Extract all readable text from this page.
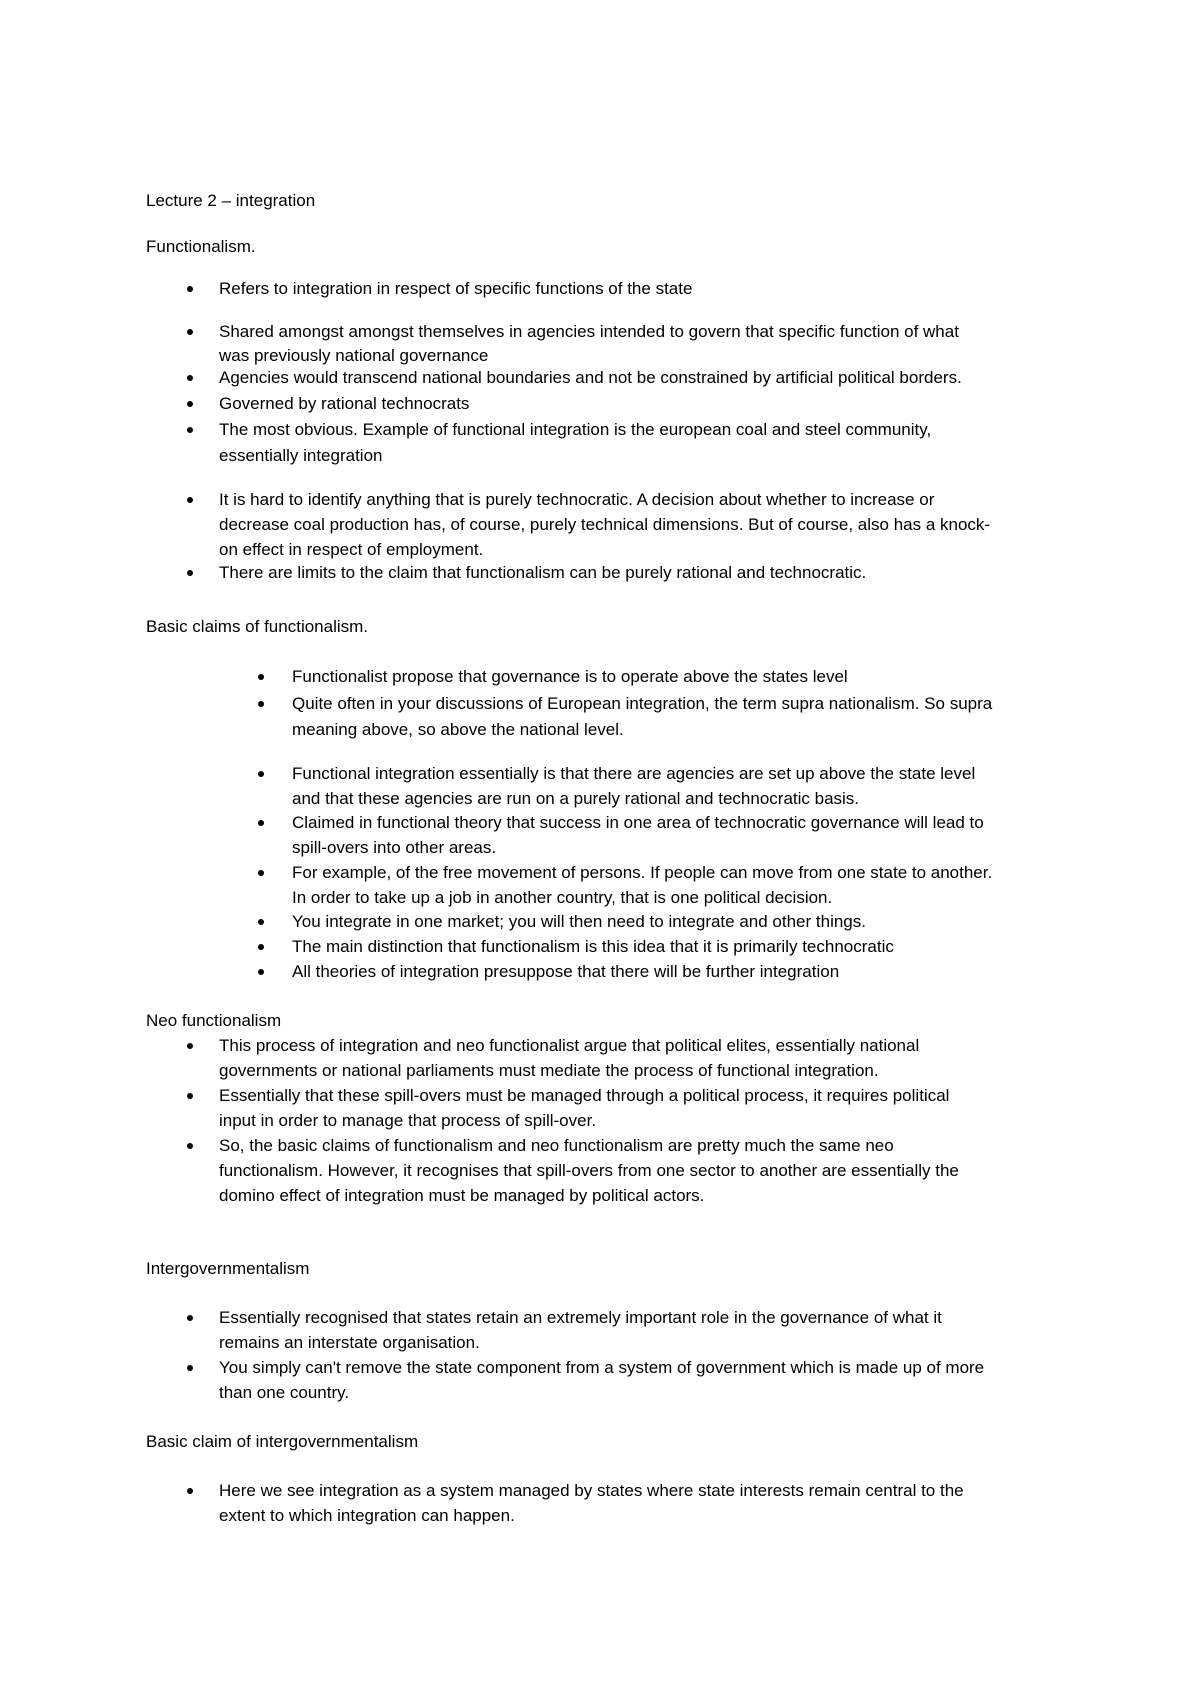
Lecture 2 – integration
Functionalism.
Refers to integration in respect of specific functions of the state
Shared amongst amongst themselves in agencies intended to govern that specific function of what
was previously national governance
Agencies would transcend national boundaries and not be constrained by artificial political borders.
Governed by rational technocrats
The most obvious. Example of functional integration is the european coal and steel community,
essentially integration
It is hard to identify anything that is purely technocratic. A decision about whether to increase or
decrease coal production has, of course, purely technical dimensions. But of course, also has a knock-
on effect in respect of employment.
There are limits to the claim that functionalism can be purely rational and technocratic.
Basic claims of functionalism.
Functionalist propose that governance is to operate above the states level
Quite often in your discussions of European integration, the term supra nationalism. So supra
meaning above, so above the national level.
Functional integration essentially is that there are agencies are set up above the state level
and that these agencies are run on a purely rational and technocratic basis.
Claimed in functional theory that success in one area of technocratic governance will lead to
spill-overs into other areas.
For example, of the free movement of persons. If people can move from one state to another.
In order to take up a job in another country, that is one political decision.
You integrate in one market; you will then need to integrate and other things.
The main distinction that functionalism is this idea that it is primarily technocratic
All theories of integration presuppose that there will be further integration
Neo functionalism
This process of integration and neo functionalist argue that political elites, essentially national
governments or national parliaments must mediate the process of functional integration.
Essentially that these spill-overs must be managed through a political process, it requires political
input in order to manage that process of spill-over.
So, the basic claims of functionalism and neo functionalism are pretty much the same neo
functionalism. However, it recognises that spill-overs from one sector to another are essentially the
domino effect of integration must be managed by political actors.
Intergovernmentalism
Essentially recognised that states retain an extremely important role in the governance of what it
remains an interstate organisation.
You simply can't remove the state component from a system of government which is made up of more
than one country.
Basic claim of intergovernmentalism
Here we see integration as a system managed by states where state interests remain central to the
extent to which integration can happen.
